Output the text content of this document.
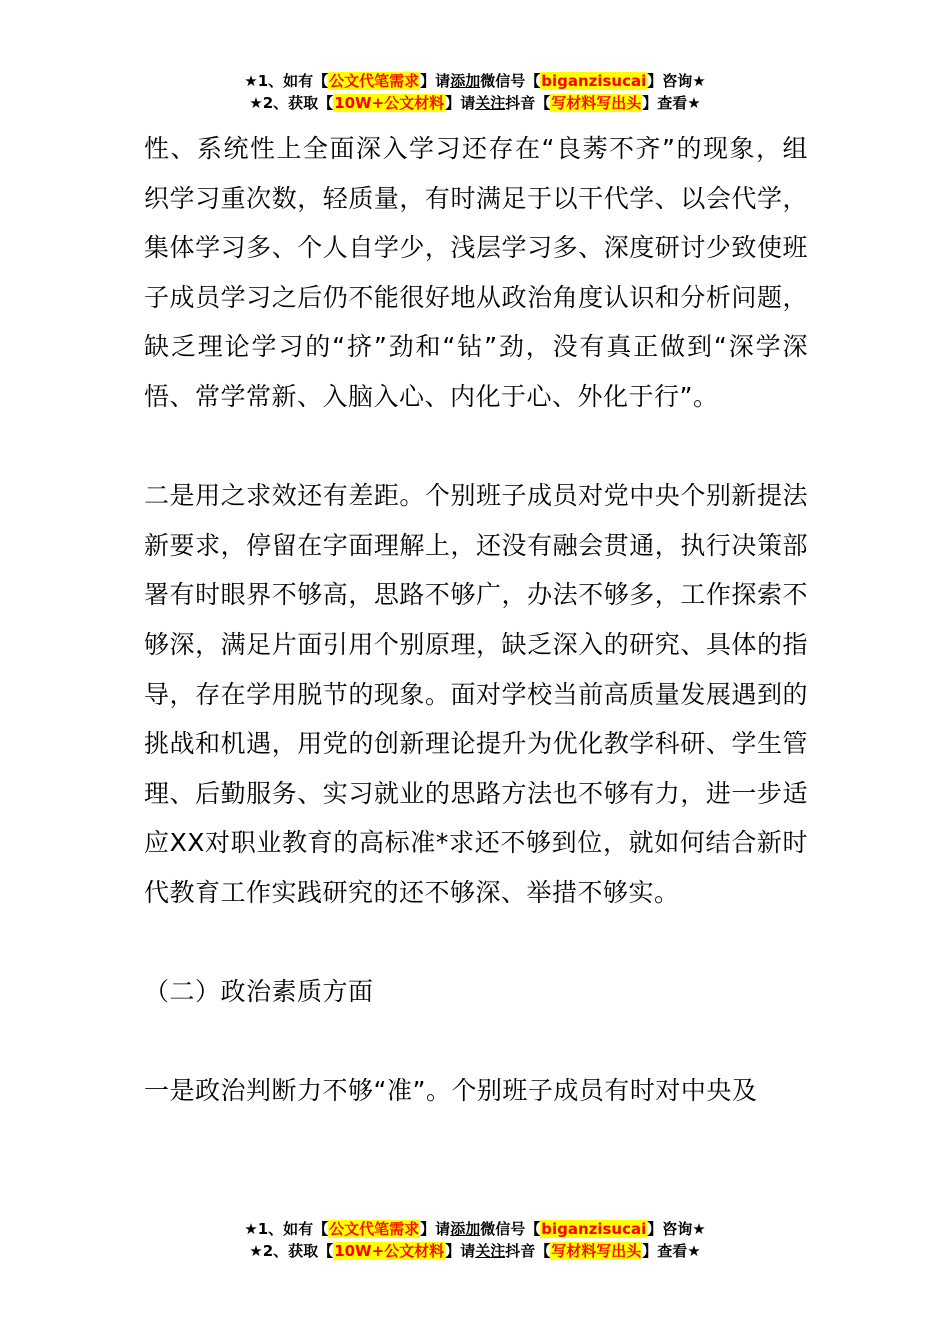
★1、如有【公文代笔需求】请添加微信号【biganzisucai】咨询★
★2、获取【10W+公文材料】请关注抖音【写材料写出头】查看★

性、系统性上全面深入学习还存在“良莠不齐”的现象，组织学习重次数，轻质量，有时满足于以干代学、以会代学，集体学习多、个人自学少，浅层学习多、深度研讨少致使班子成员学习之后仍不能很好地从政治角度认识和分析问题，缺乏理论学习的“挤”劲和“钻”劲，没有真正做到“深学深悟、常学常新、入脑入心、内化于心、外化于行”。

二是用之求效还有差距。个别班子成员对党中央个别新提法新要求，停留在字面理解上，还没有融会贯通，执行决策部署有时眼界不够高，思路不够广，办法不够多，工作探索不够深，满足片面引用个别原理，缺乏深入的研究、具体的指导，存在学用脱节的现象。面对学校当前高质量发展遇到的挑战和机遇，用党的创新理论提升为优化教学科研、学生管理、后勤服务、实习就业的思路方法也不够有力，进一步适应XX对职业教育的高标准*求还不够到位，就如何结合新时代教育工作实践研究的还不够深、举措不够实。

（二）政治素质方面

一是政治判断力不够“准”。个别班子成员有时对中央及

★1、如有【公文代笔需求】请添加微信号【biganzisucai】咨询★
★2、获取【10W+公文材料】请关注抖音【写材料写出头】查看★
